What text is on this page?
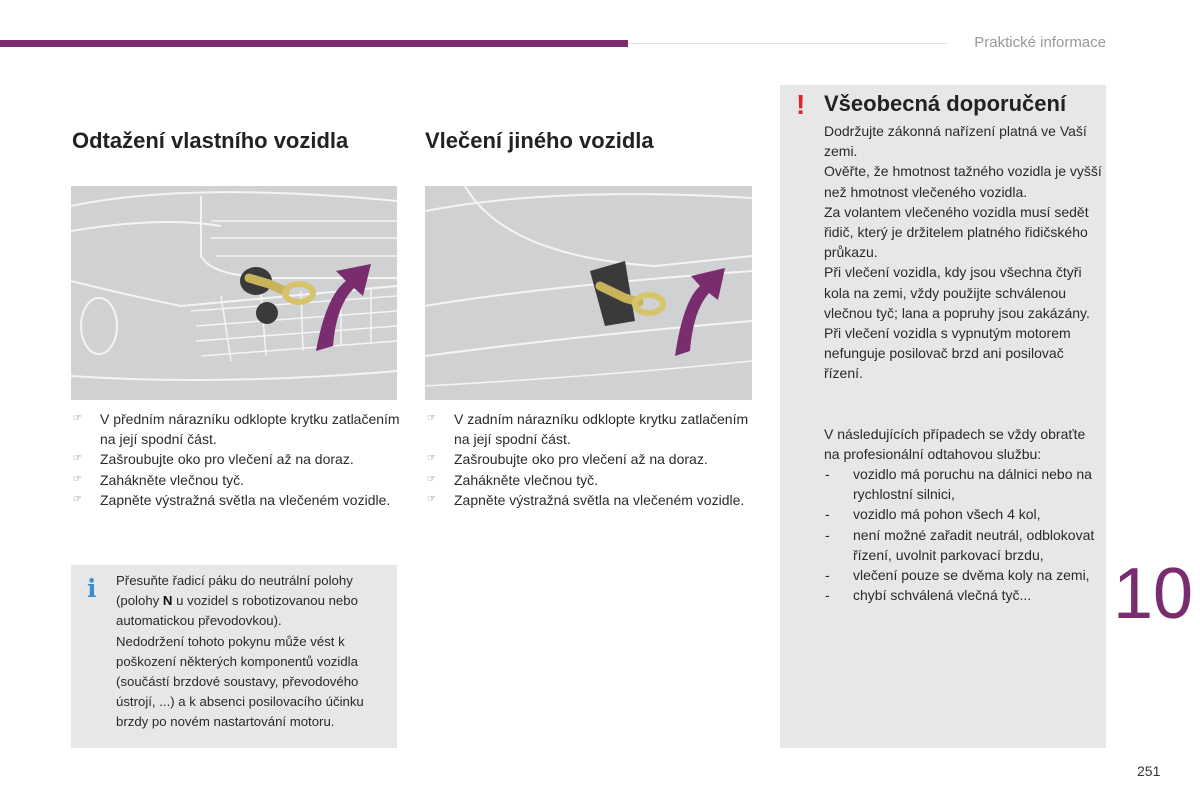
Praktické informace
Odtažení vlastního vozidla	Vlečení jiného vozidla
☞ V předním nárazníku odklopte krytku zatlačením na její spodní část.
☞ Zašroubujte oko pro vlečení až na doraz.
☞ Zahákněte vlečnou tyč.
☞ Zapněte výstražná světla na vlečeném vozidle.
☞ V zadním nárazníku odklopte krytku zatlačením na její spodní část.
☞ Zašroubujte oko pro vlečení až na doraz.
☞ Zahákněte vlečnou tyč.
☞ Zapněte výstražná světla na vlečeném vozidle.
i Přesuňte řadicí páku do neutrální polohy (polohy N u vozidel s robotizovanou nebo automatickou převodovkou).

Nedodržení tohoto pokynu může vést k poškození některých komponentů vozidla (součástí brzdové soustavy, převodového ústrojí, ...) a k absenci posilovacího účinku brzdy po novém nastartování motoru.

! Všeobecná doporučení

Dodržujte zákonná nařízení platná ve Vaší zemi.

Ověřte, že hmotnost tažného vozidla je vyšší než hmotnost vlečeného vozidla.

Za volantem vlečeného vozidla musí sedět řidič, který je držitelem platného řidičského průkazu.

Při vlečení vozidla, kdy jsou všechna čtyři kola na zemi, vždy použijte schválenou vlečnou tyč; lana a popruhy jsou zakázány.

Při vlečení vozidla s vypnutým motorem nefunguje posilovač brzd ani posilovač řízení.

V následujících případech se vždy obraťte na profesionální odtahovou službu:

- vozidlo má poruchu na dálnici nebo na rychlostní silnici,
- vozidlo má pohon všech 4 kol,
- není možné zařadit neutrál, odblokovat řízení, uvolnit parkovací brzdu,
- vlečení pouze se dvěma koly na zemi,
- chybí schválená vlečná tyč...	10
251
